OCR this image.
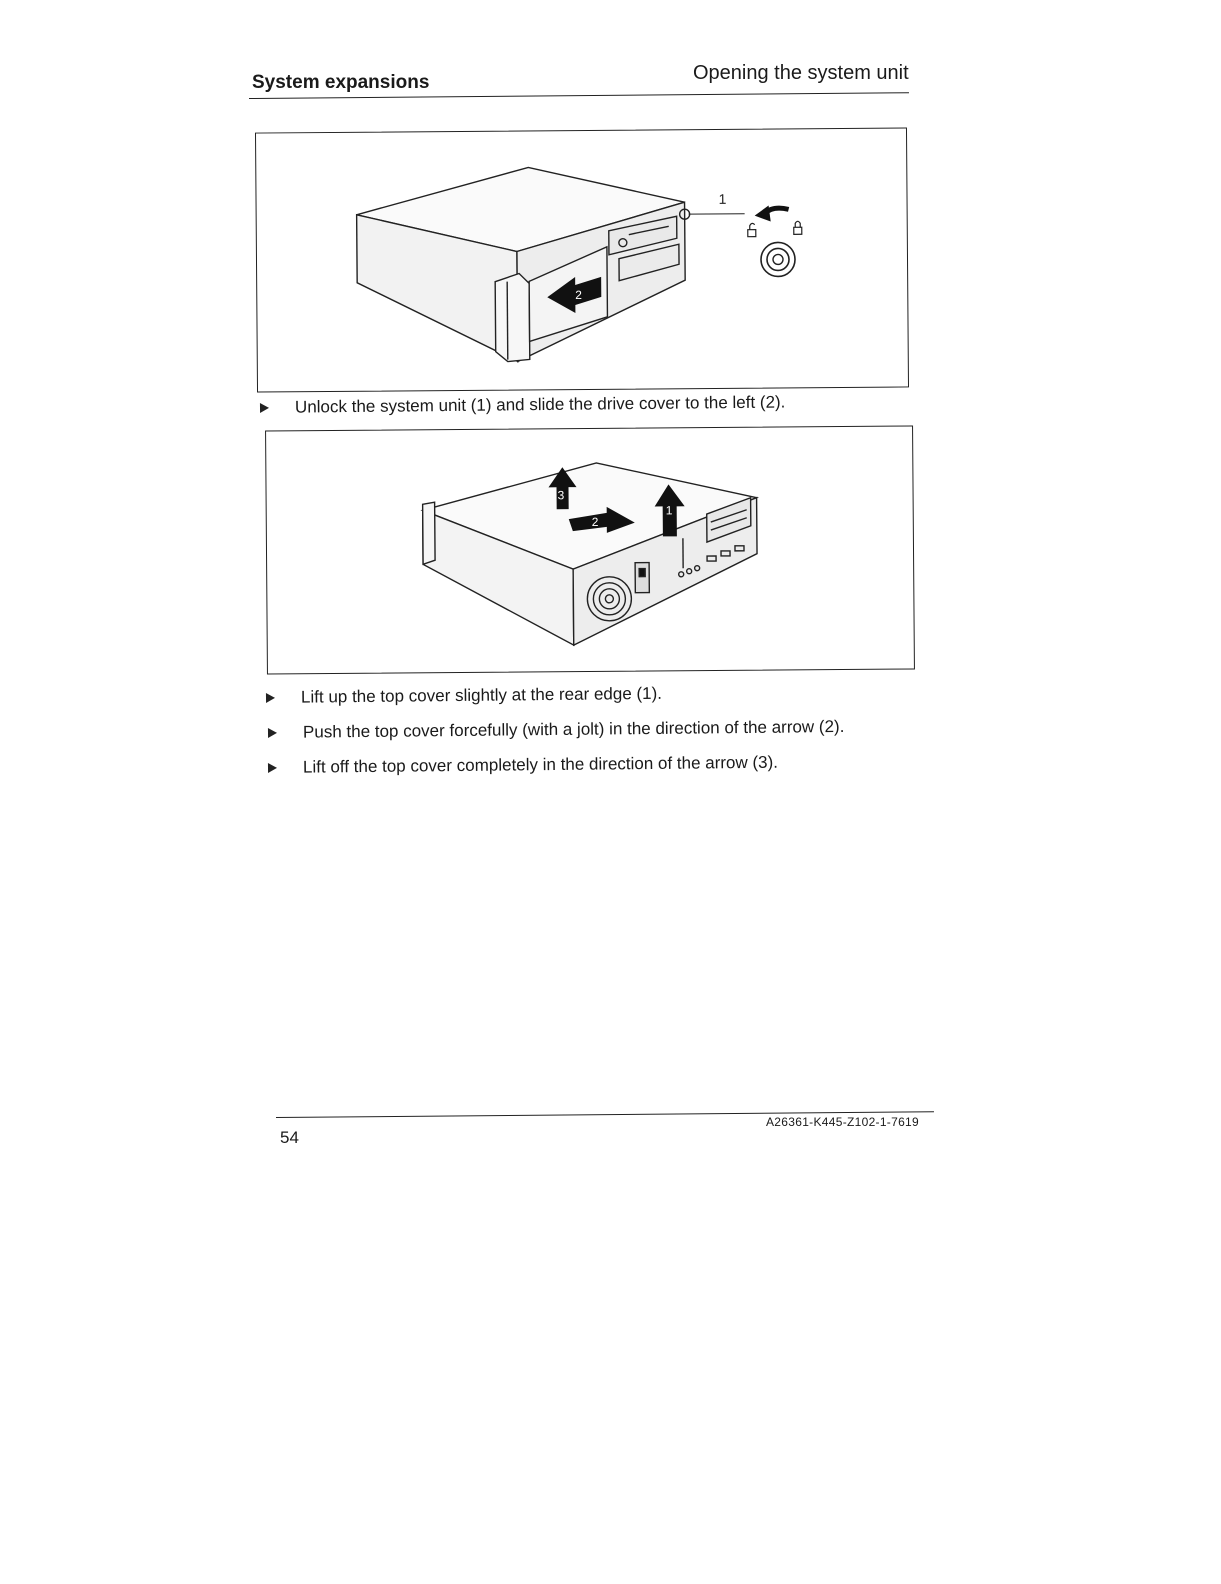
System expansions	Opening the system unit
2
1
Unlock the system unit (1) and slide the drive cover to the left (2).
3
2
1
Lift up the top cover slightly at the rear edge (1).
Push the top cover forcefully (with a jolt) in the direction of the arrow (2).
Lift off the top cover completely in the direction of the arrow (3).
54
A26361-K445-Z102-1-7619
